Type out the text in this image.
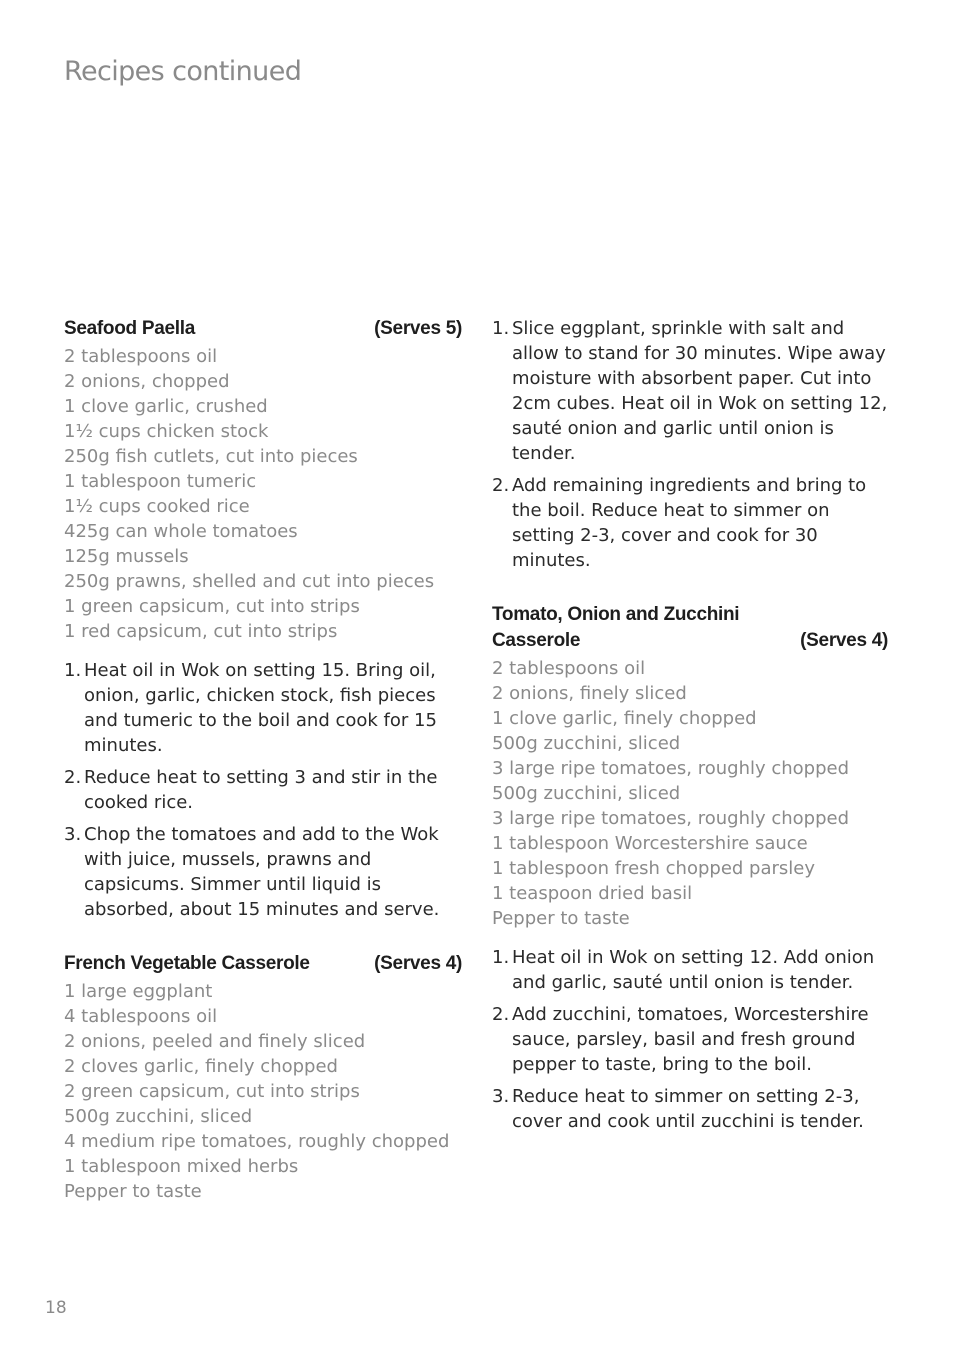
Recipes continued
Seafood Paella	(Serves 5)
2 tablespoons oil
2 onions, chopped
1 clove garlic, crushed
1½ cups chicken stock
250g fish cutlets, cut into pieces
1 tablespoon tumeric
1½ cups cooked rice
425g can whole tomatoes
125g mussels
250g prawns, shelled and cut into pieces
1 green capsicum, cut into strips
1 red capsicum, cut into strips
1. Heat oil in Wok on setting 15. Bring oil, onion, garlic, chicken stock, fish pieces and tumeric to the boil and cook for 15 minutes.
2. Reduce heat to setting 3 and stir in the cooked rice.
3. Chop the tomatoes and add to the Wok with juice, mussels, prawns and capsicums. Simmer until liquid is absorbed, about 15 minutes and serve.
French Vegetable Casserole	(Serves 4)
1 large eggplant
4 tablespoons oil
2 onions, peeled and finely sliced
2 cloves garlic, finely chopped
2 green capsicum, cut into strips
500g zucchini, sliced
4 medium ripe tomatoes, roughly chopped
1 tablespoon mixed herbs
Pepper to taste
1. Slice eggplant, sprinkle with salt and allow to stand for 30 minutes. Wipe away moisture with absorbent paper. Cut into 2cm cubes. Heat oil in Wok on setting 12, sauté onion and garlic until onion is tender.
2. Add remaining ingredients and bring to the boil. Reduce heat to simmer on setting 2-3, cover and cook for 30 minutes.
Tomato, Onion and Zucchini
Casserole	(Serves 4)
2 tablespoons oil
2 onions, finely sliced
1 clove garlic, finely chopped
500g zucchini, sliced
3 large ripe tomatoes, roughly chopped
500g zucchini, sliced
3 large ripe tomatoes, roughly chopped
1 tablespoon Worcestershire sauce
1 tablespoon fresh chopped parsley
1 teaspoon dried basil
Pepper to taste
1. Heat oil in Wok on setting 12. Add onion and garlic, sauté until onion is tender.
2. Add zucchini, tomatoes, Worcestershire sauce, parsley, basil and fresh ground pepper to taste, bring to the boil.
3. Reduce heat to simmer on setting 2-3, cover and cook until zucchini is tender.
18
